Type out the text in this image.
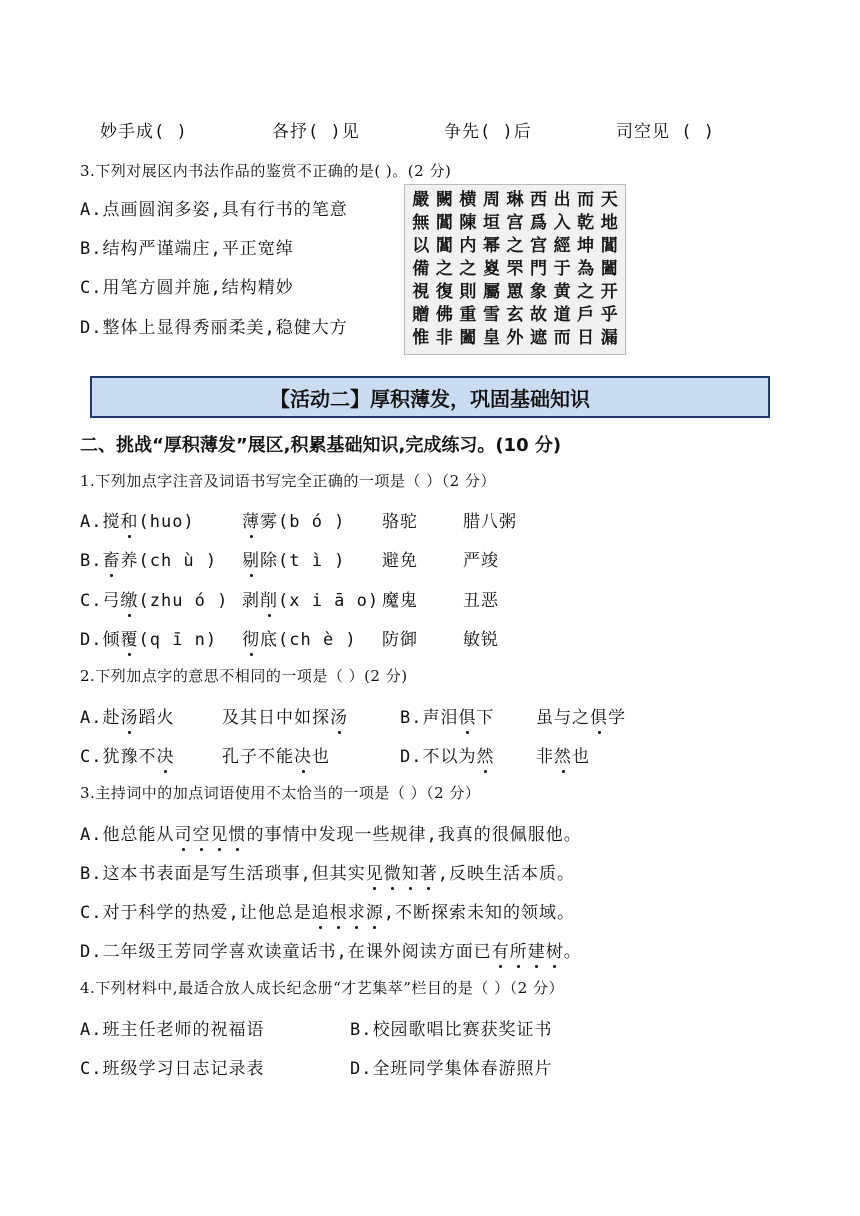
妙手成( )	各抒( )见	争先( )后	司空见 ( )
3.下列对展区内书法作品的鉴赏不正确的是( )。(2 分)
A.点画圆润多姿,具有行书的笔意
B.结构严谨端庄,平正宽绰
C.用笔方圆并施,结构精妙
D.整体上显得秀丽柔美,稳健大方
嚴 闕 横 周 琳 西 出 而 天
無 閶 陳 垣 宫 爲 入 乾 地
以 閶 内 幂 之 宫 經 坤 閶
備 之 之 嵏 罘 門 于 為 闔
視 復 則 屬 罳 象 黄 之 开
贈 佛 重 雪 玄 故 道 戶 乎
惟 非 闔 皇 外 遮 而 日 漏
【活动二】厚积薄发，巩固基础知识
二、挑战“厚积薄发”展区,积累基础知识,完成练习。(10 分)
1.下列加点字注音及词语书写完全正确的一项是（ ）（2 分）
A.搅和(huo)	薄雾(b ó ) 骆驼	腊八粥
B.畜养(ch ù ) 剔除(t ì ) 避免	严竣
C.弓缴(zhu ó ) 剥削(x i ā o) 魔鬼	丑恶
D.倾覆(q ī n) 彻底(ch è ) 防御	敏锐
2.下列加点字的意思不相同的一项是（ ）(2 分)
A.赴汤蹈火	及其日中如探汤	B.声泪俱下 虽与之俱学
C.犹豫不决	孔子不能决也	D.不以为然 非然也
3.主持词中的加点词语使用不太恰当的一项是（ ）（2 分）
A.他总能从司空见惯的事情中发现一些规律,我真的很佩服他。
B.这本书表面是写生活琐事,但其实见微知著,反映生活本质。
C.对于科学的热爱,让他总是追根求源,不断探索未知的领域。
D.二年级王芳同学喜欢读童话书,在课外阅读方面已有所建树。
4.下列材料中,最适合放人成长纪念册“才艺集萃”栏目的是（ ）（2 分）
A.班主任老师的祝福语	B.校园歌唱比赛获奖证书
C.班级学习日志记录表	D.全班同学集体春游照片
